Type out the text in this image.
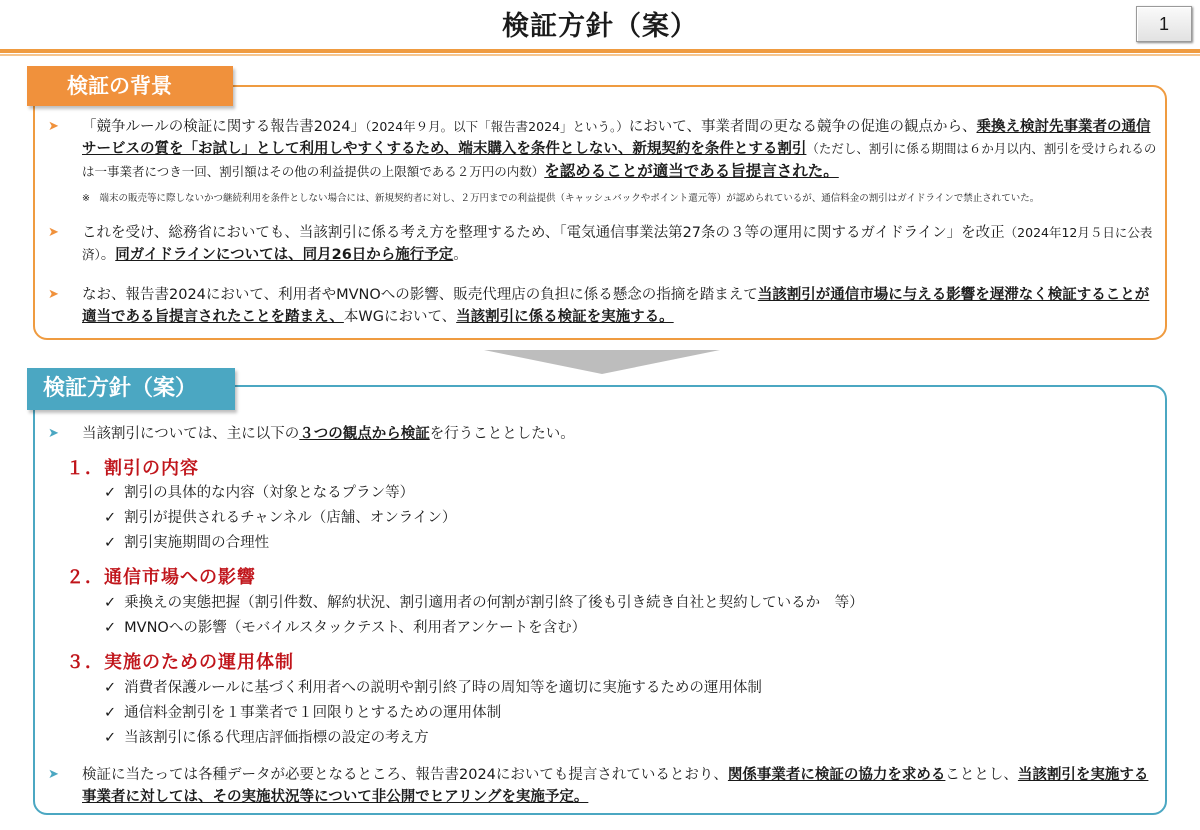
検証方針（案）	1
検証の背景
➤	「競争ルールの検証に関する報告書2024」（2024年９月。以下「報告書2024」という。）において、事業者間の更なる競争の促進の観点から、乗換え検討先事業者の通信サービスの質を「お試し」として利用しやすくするため、端末購入を条件としない、新規契約を条件とする割引（ただし、割引に係る期間は６か月以内、割引を受けられるのは一事業者につき一回、割引額はその他の利益提供の上限額である２万円の内数）を認めることが適当である旨提言された。
※　端末の販売等に際しないかつ継続利用を条件としない場合には、新規契約者に対し、２万円までの利益提供（キャッシュバックやポイント還元等）が認められているが、通信料金の割引はガイドラインで禁止されていた。
➤	これを受け、総務省においても、当該割引に係る考え方を整理するため、「電気通信事業法第27条の３等の運用に関するガイドライン」を改正（2024年12月５日に公表済）。同ガイドラインについては、同月26日から施行予定。
➤	なお、報告書2024において、利用者やMVNOへの影響、販売代理店の負担に係る懸念の指摘を踏まえて当該割引が通信市場に与える影響を遅滞なく検証することが適当である旨提言されたことを踏まえ、本WGにおいて、当該割引に係る検証を実施する。
検証方針（案）
➤	当該割引については、主に以下の３つの観点から検証を行うこととしたい。
１．割引の内容
✓ 割引の具体的な内容（対象となるプラン等）
✓ 割引が提供されるチャンネル（店舗、オンライン）
✓ 割引実施期間の合理性
２．通信市場への影響
✓ 乗換えの実態把握（割引件数、解約状況、割引適用者の何割が割引終了後も引き続き自社と契約しているか　等）
✓ MVNOへの影響（モバイルスタックテスト、利用者アンケートを含む）
３．実施のための運用体制
✓ 消費者保護ルールに基づく利用者への説明や割引終了時の周知等を適切に実施するための運用体制
✓ 通信料金割引を１事業者で１回限りとするための運用体制
✓ 当該割引に係る代理店評価指標の設定の考え方
➤	検証に当たっては各種データが必要となるところ、報告書2024においても提言されているとおり、関係事業者に検証の協力を求めることとし、当該割引を実施する事業者に対しては、その実施状況等について非公開でヒアリングを実施予定。
